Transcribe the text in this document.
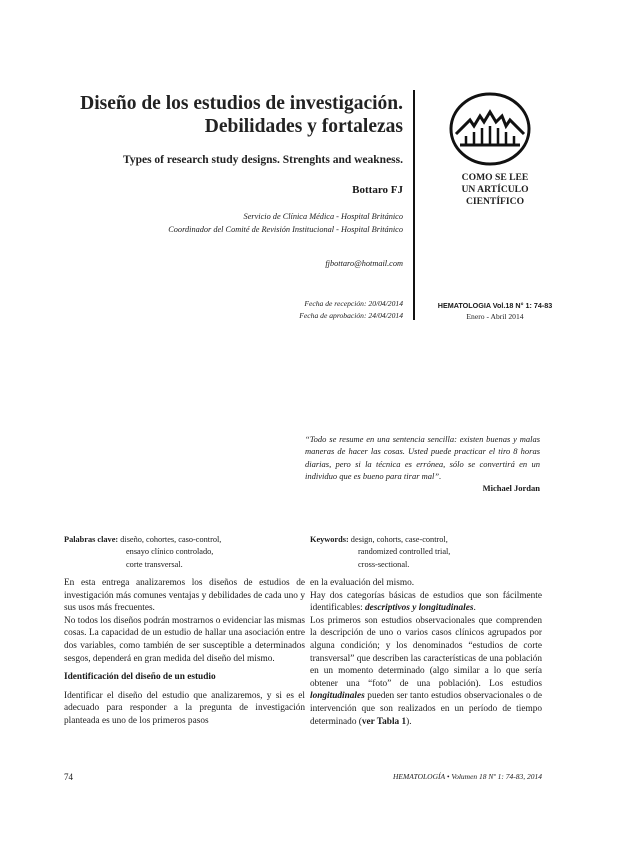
Diseño de los estudios de investigación.
Debilidades y fortalezas
Types of research study designs. Strenghts and weakness.
Bottaro FJ
Servicio de Clínica Médica - Hospital Británico
Coordinador del Comité de Revisión Institucional - Hospital Británico
fjbottaro@hotmail.com
Fecha de recepción: 20/04/2014
Fecha de aprobación: 24/04/2014
COMO SE LEE
UN ARTÍCULO
CIENTÍFICO
HEMATOLOGIA Vol.18 N° 1: 74-83
Enero - Abril 2014
“Todo se resume en una sentencia sencilla: existen buenas y malas maneras de hacer las cosas. Usted puede practicar el tiro 8 horas diarias, pero si la técnica es errónea, sólo se convertirá en un individuo que es bueno para tirar mal”.
Michael Jordan
Palabras clave: diseño, cohortes, caso-control,
ensayo clínico controlado,
corte transversal.
Keywords: design, cohorts, case-control,
randomized controlled trial,
cross-sectional.

En esta entrega analizaremos los diseños de estudios de investigación más comunes ventajas y debilidades de cada uno y sus usos más frecuentes.

No todos los diseños podrán mostrarnos o evidenciar las mismas cosas. La capacidad de un estudio de hallar una asociación entre dos variables, como también de ser susceptible a determinados sesgos, dependerá en gran medida del diseño del mismo.

Identificación del diseño de un estudio

Identificar el diseño del estudio que analizaremos, y si es el adecuado para responder a la pregunta de investigación planteada es uno de los primeros pasos

en la evaluación del mismo.

Hay dos categorías básicas de estudios que son fácilmente identificables: descriptivos y longitudinales.

Los primeros son estudios observacionales que comprenden la descripción de uno o varios casos clínicos agrupados por alguna condición; y los denominados “estudios de corte transversal” que describen las características de una población en un momento determinado (algo similar a lo que sería obtener una “foto” de una población). Los estudios longitudinales pueden ser tanto estudios observacionales o de intervención que son realizados en un período de tiempo determinado (ver Tabla 1).

74	HEMATOLOGÍA • Volumen 18 Nº 1: 74-83, 2014
